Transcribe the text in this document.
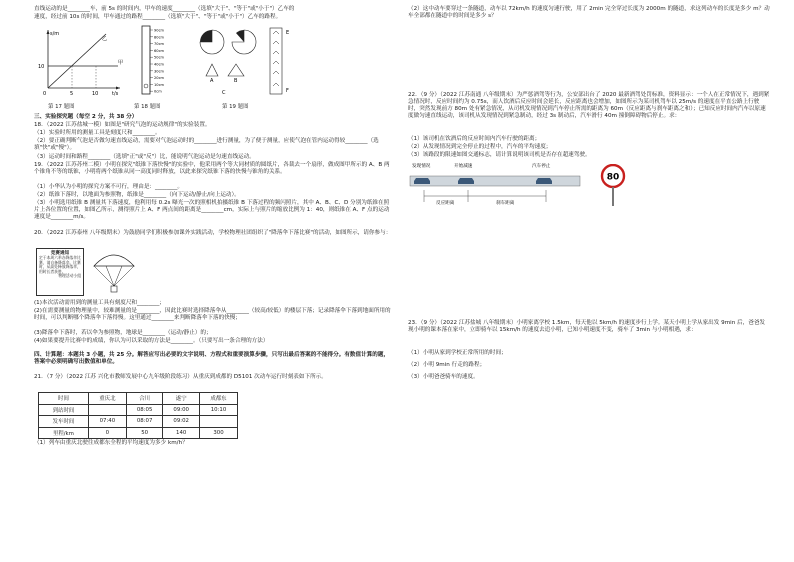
直线运动的是________车，前 5s 的时间内，甲车的速度________（选填"大于"、"等于"或"小于"）乙车的
速度，经过前 10s 的时间，甲车通过的路程________（选填"大于"、"等于"或"小于"）乙车的路程。
s/m
t/s
10
0	5	10
甲
乙
90cm
80cm
70cm
60cm
50cm
40cm
30cm
20cm
10cm
0cm
A	B
C
E
F
第 17 题图	第 18 题图	第 19 题图
三、实验探究题（每空 2 分，共 38 分）
18．（2022 江苏盐城一模）如图是"研究气泡的运动规律"的实验装置。
（1）实验时所用的测量工具是刻度尺和________。
（2）要正确判断气泡是否做匀速直线运动，需要对气泡运动时的________进行测量，为了便于测量，应使气泡在管内运动得较________（选填"快"或"慢"）。
（3）运动时间和路程________（选填"正"或"反"）比，能说明气泡运动是匀速直线运动。
19．（2022 江苏苏州二模）小明在探究"纸锥下落快慢"的实验中，他采用两个等大同材质的圆纸片，各裁去一个扇形，做成图甲所示的 A、B 两个锥角不等的纸锥，小明将两个纸锥从同一高度同时释放，以此来探究纸锥下落的快慢与锥角的关系。
（1）小华认为小明的探究方案不可行，理由是：________。
（2）纸锥下落时，以地面为参照物，纸锥是________（向下运动/静止/向上运动）。
（3）小明选用纸锥 B 测量其下落速度，他利用每 0.2s 曝光一次的照相机拍摄纸锥 B 下落过程的频闪照片，其中 A、B、C、D 分别为纸锥在照片上各位置的位置，如图乙所示，测得照片上 A、F 两点间的距离是________cm，实际上与照片的缩放比例为 1：40，则纸锥在 A、F 点的运动速度是________m/s。
20．（2022 江苏泰州 八年级期末）为鼓励同学们积极参加课外实践活动，学校物理社团组织了"降落伞下落比赛"的活动，如图所示，请你参与：
竞赛通知
定于本周六举办降落伞比赛，请自备降落伞。比赛时，从高处释放降落伞，用时长者获胜。
物理活动小组
(1)本次活动需用到的测量工具有刻度尺和________；
(2)在需要测量的物理量中，较难测量的是________，因此比赛时选择降落伞从________（较高/较低）的楼层下落；记录降落伞下落到地面所用的时间，可以判断哪个降落伞下落得慢。这里通过________来判断降落伞下落的快慢；
(3)降落伞下落时，若以伞为参照物，地球是________（运动/静止）的；
(4)如果要提升比赛中的成绩，你认为可以采取的方法是________。（只要写出一条合理的方法）
四、计算题：本题共 3 小题，共 25 分。解答应写出必要的文字说明、方程式和重要演算步骤，只写出最后答案的不能得分。有数值计算的题，答案中必须明确写出数值和单位。
21．（7 分）（2022 江苏 兴化市教师发展中心九年级阶段练习）从重庆到成都的 D5101 次动车运行时刻表如下所示。
时间	重庆北	合川	遂宁	成都东
到站时间		08:05	09:00	10:10
发车时间	07:40	08:07	09:02	
里程/km	0	50	140	300
（1）列车由重庆北驶往成都东全程的平均速度为多少 km/h？
（2）这中动车要穿过一条隧道，动车以 72km/h 的速度匀速行驶，用了 2min 完全穿过长度为 2000m 的隧道，求这列动车的长度是多少 m？动车全部都在隧道中的时间是多少 s？
22．（9 分）（2022 江苏南通 八年级期末）为严惩酒驾等行为，公安部出台了 2020 最新酒驾处罚标准，资料显示：一个人在正常情况下，遇到紧急情况时，反应时间约为 0.75s，而人饮酒后反应时间会延长，反应距离也会增加，如图所示为某司机驾车以 25m/s 的速度在平直公路上行驶时，突然发现前方 80m 处有紧急情况，从司机发现情况到汽车停止所需的距离为 60m（反应距离与刹车距离之和）；已知反应时间内汽车以原速度做匀速直线运动，该司机从发现情况到紧急制动，经过 3s 制动后，汽车滑行 40m 撞倒障碍物后停止。求：
（1）该司机在饮酒后的反应时间内汽车行驶的距离；
（2）从发现情况到完全停止的过程中，汽车的平均速度；
（3）该路段的限速如图交通标志，请计算说明该司机是否存在超速驾驶。
发现情况	开始减速	汽车停止
反应距离	刹车距离
80
23．（9 分）（2022 江苏盐城 八年级期末）小明家离学校 1.5km，每天他以 5km/h 的速度步行上学。某天小明上学从家出发 9min 后，爸爸发现小明的课本落在家中，立即骑车以 15km/h 的速度去追小明，已知小明速度不变，骑车了 3min 与小明相遇，求：
（1）小明从家到学校正常所用的时间；
（2）小明 9min 行走的路程；
（3）小明爸爸骑车的速度。
